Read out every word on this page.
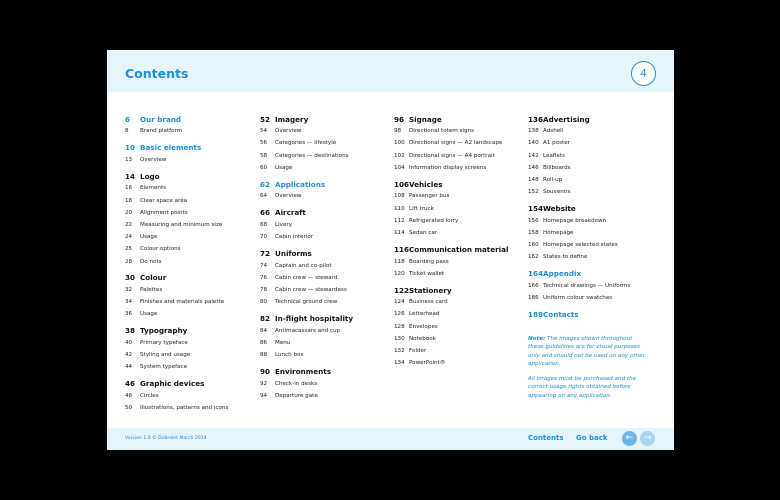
Contents	4
6	Our brand
8	Brand platform
10 Basic elements
13	Overview
14 Logo
16	Elements
18	Clear space area
20	Alignment points
22	Measuring and minimum size
24	Usage
25	Colour options
28	Do nots
30 Colour
32	Palettes
34	Finishes and materials palette
36	Usage
38 Typography
40	Primary typeface
42	Styling and usage
44	System typeface
46 Graphic devices
48	Circles
50	Illustrations, patterns and icons
52 Imagery
54	Overview
56	Categories — lifestyle
58	Categories — destinations
60	Usage
62 Applications
64	Overview
66 Aircraft
68	Livery
70	Cabin interior
72 Uniforms
74	Captain and co-pilot
76	Cabin crew — steward
78	Cabin crew — stewardess
80	Technical ground crew
82 In-flight hospitality
84	Antimacassars and cup
86	Menu
88	Lunch box
90 Environments
92	Check-in desks
94	Departure gate
96 Signage
98	Directional totem signs
100 Directional signs — A2 landscape
102 Directional signs — A4 portrait
104 Information display screens
106 Vehicles
108 Passenger bus
110 Lift truck
112 Refrigerated lorry
114 Sedan car
116 Communication material
118 Boarding pass
120 Ticket wallet
122 Stationery
124 Business card
126 Letterhead
128 Envelopes
130 Notebook
132 Folder
134 PowerPoint®
136 Advertising
138 Adshell
140 A1 poster
142 Leaflets
146 Billboards
148 Roll-up
152 Souvenirs
154 Website
156 Homepage breakdown
158 Homepage
160 Homepage selected states
162 States to define
164 Appendix
166 Technical drawings — Uniforms
186 Uniform colour swatches
188 Contacts
Note: The images shown throughout these guidelines are for visual purposes only and should not be used on any other application.
All images must be purchased and the correct usage rights obtained before appearing on any application.
Version 1.0 © Dobrolet March 2014	Contents Go back	←	→
